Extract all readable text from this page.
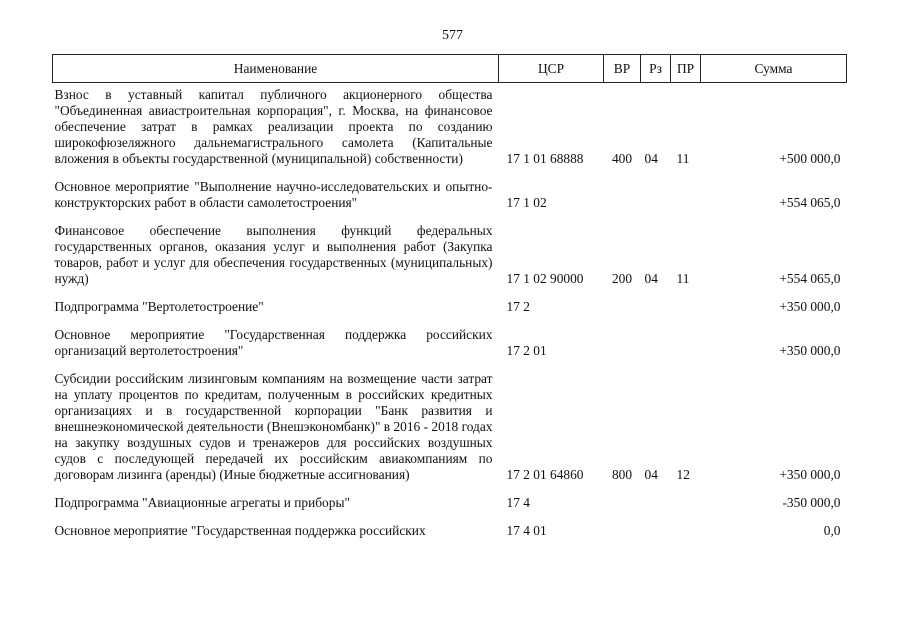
577
Наименование	ЦСР	ВР	Рз	ПР	Сумма
Взнос в уставный капитал публичного акционерного общества "Объединенная авиастроительная корпорация", г. Москва, на финансовое обеспечение затрат в рамках реализации проекта по созданию широкофюзеляжного дальнемагистрального самолета (Капитальные вложения в объекты государственной (муниципальной) собственности)	17 1 01 68888	400	04	11	+500 000,0
Основное мероприятие "Выполнение научно-исследовательских и опытно-конструкторских работ в области самолетостроения"	17 1 02				+554 065,0
Финансовое обеспечение выполнения функций федеральных государственных органов, оказания услуг и выполнения работ (Закупка товаров, работ и услуг для обеспечения государственных (муниципальных) нужд)	17 1 02 90000	200	04	11	+554 065,0
Подпрограмма "Вертолетостроение"	17 2				+350 000,0
Основное мероприятие "Государственная поддержка российских организаций вертолетостроения"	17 2 01				+350 000,0
Субсидии российским лизинговым компаниям на возмещение части затрат на уплату процентов по кредитам, полученным в российских кредитных организациях и в государственной корпорации "Банк развития и внешнеэкономической деятельности (Внешэкономбанк)" в 2016 - 2018 годах на закупку воздушных судов и тренажеров для российских воздушных судов с последующей передачей их российским авиакомпаниям по договорам лизинга (аренды) (Иные бюджетные ассигнования)	17 2 01 64860	800	04	12	+350 000,0
Подпрограмма "Авиационные агрегаты и приборы"	17 4				-350 000,0
Основное мероприятие "Государственная поддержка российских	17 4 01				0,0
